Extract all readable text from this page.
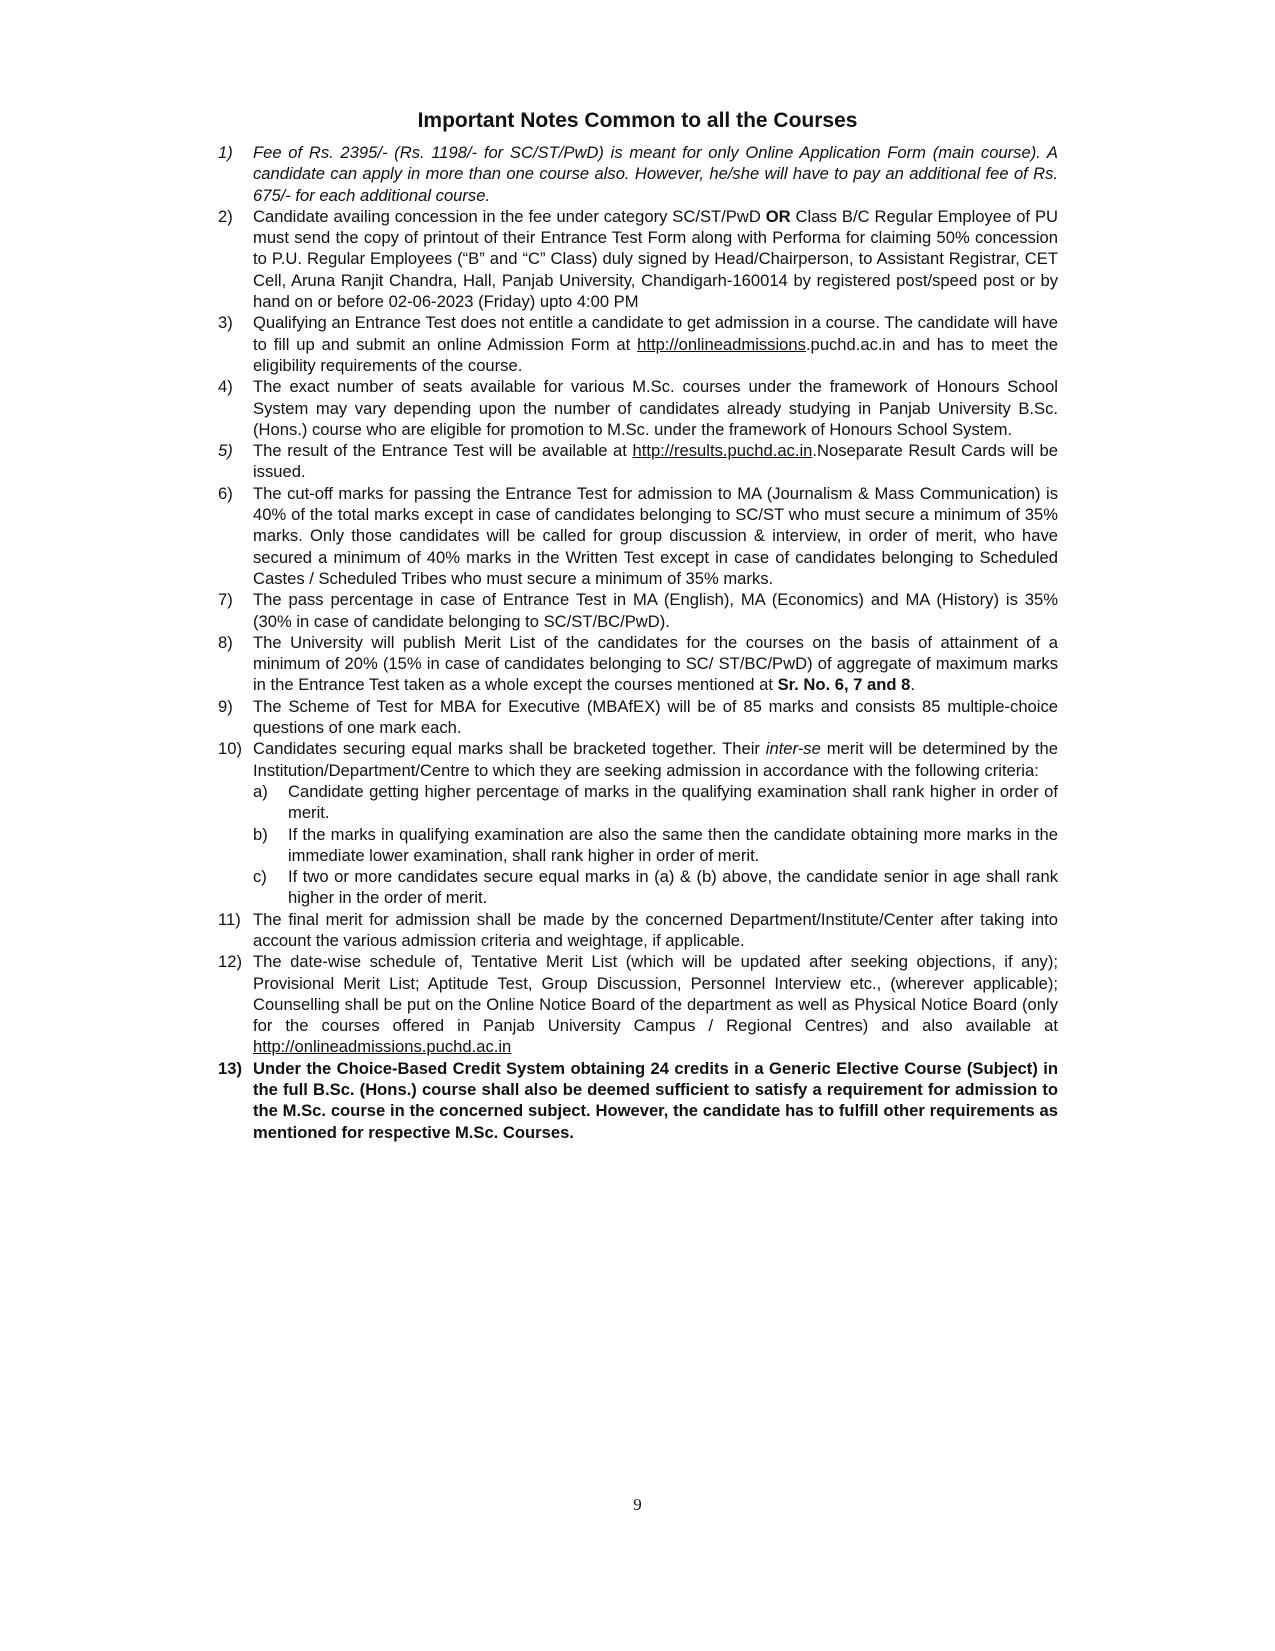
Important Notes Common to all the Courses
1)	Fee of Rs. 2395/- (Rs. 1198/- for SC/ST/PwD) is meant for only Online Application Form (main course). A candidate can apply in more than one course also. However, he/she will have to pay an additional fee of Rs. 675/- for each additional course.
2)	Candidate availing concession in the fee under category SC/ST/PwD OR Class B/C Regular Employee of PU must send the copy of printout of their Entrance Test Form along with Performa for claiming 50% concession to P.U. Regular Employees (“B” and “C” Class) duly signed by Head/Chairperson, to Assistant Registrar, CET Cell, Aruna Ranjit Chandra, Hall, Panjab University, Chandigarh-160014 by registered post/speed post or by hand on or before 02-06-2023 (Friday) upto 4:00 PM
3)	Qualifying an Entrance Test does not entitle a candidate to get admission in a course. The candidate will have to fill up and submit an online Admission Form at http://onlineadmissions.puchd.ac.in and has to meet the eligibility requirements of the course.
4)	The exact number of seats available for various M.Sc. courses under the framework of Honours School System may vary depending upon the number of candidates already studying in Panjab University B.Sc. (Hons.) course who are eligible for promotion to M.Sc. under the framework of Honours School System.
5)	The result of the Entrance Test will be available at http://results.puchd.ac.in.Noseparate Result Cards will be issued.
6)	The cut-off marks for passing the Entrance Test for admission to MA (Journalism & Mass Communication) is 40% of the total marks except in case of candidates belonging to SC/ST who must secure a minimum of 35% marks. Only those candidates will be called for group discussion & interview, in order of merit, who have secured a minimum of 40% marks in the Written Test except in case of candidates belonging to Scheduled Castes / Scheduled Tribes who must secure a minimum of 35% marks.
7)	The pass percentage in case of Entrance Test in MA (English), MA (Economics) and MA (History) is 35% (30% in case of candidate belonging to SC/ST/BC/PwD).
8)	The University will publish Merit List of the candidates for the courses on the basis of attainment of a minimum of 20% (15% in case of candidates belonging to SC/ ST/BC/PwD) of aggregate of maximum marks in the Entrance Test taken as a whole except the courses mentioned at Sr. No. 6, 7 and 8.
9)	The Scheme of Test for MBA for Executive (MBAfEX) will be of 85 marks and consists 85 multiple-choice questions of one mark each.
10) Candidates securing equal marks shall be bracketed together. Their inter-se merit will be determined by the Institution/Department/Centre to which they are seeking admission in accordance with the following criteria:
a)	Candidate getting higher percentage of marks in the qualifying examination shall rank higher in order of merit.
b)	If the marks in qualifying examination are also the same then the candidate obtaining more marks in the immediate lower examination, shall rank higher in order of merit.
c)	If two or more candidates secure equal marks in (a) & (b) above, the candidate senior in age shall rank higher in the order of merit.
11) The final merit for admission shall be made by the concerned Department/Institute/Center after taking into account the various admission criteria and weightage, if applicable.
12) The date-wise schedule of, Tentative Merit List (which will be updated after seeking objections, if any); Provisional Merit List; Aptitude Test, Group Discussion, Personnel Interview etc., (wherever applicable); Counselling shall be put on the Online Notice Board of the department as well as Physical Notice Board (only for the courses offered in Panjab University Campus / Regional Centres) and also available at http://onlineadmissions.puchd.ac.in
13) Under the Choice-Based Credit System obtaining 24 credits in a Generic Elective Course (Subject) in the full B.Sc. (Hons.) course shall also be deemed sufficient to satisfy a requirement for admission to the M.Sc. course in the concerned subject. However, the candidate has to fulfill other requirements as mentioned for respective M.Sc. Courses.
9
